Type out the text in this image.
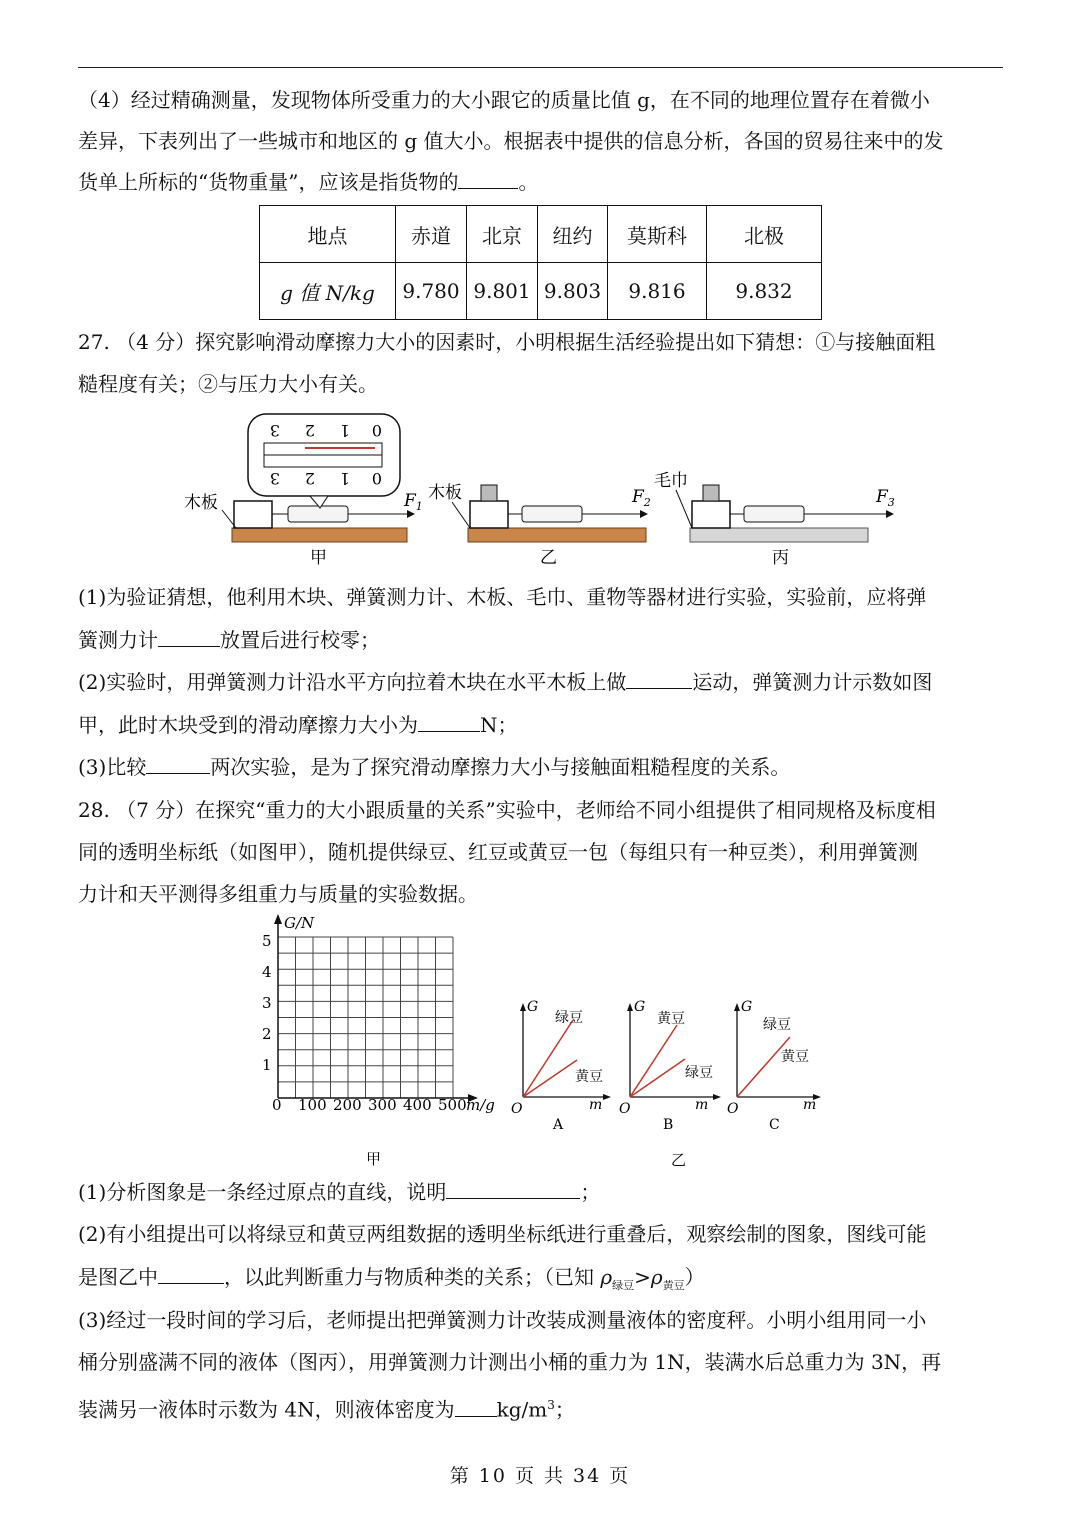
（4）经过精确测量，发现物体所受重力的大小跟它的质量比值 g，在不同的地理位置存在着微小
差异，下表列出了一些城市和地区的 g 值大小。根据表中提供的信息分析，各国的贸易往来中的发
货单上所标的“货物重量”，应该是指货物的	。
地点	赤道	北京	纽约	莫斯科	北极
g 值 N/kg	9.780	9.801	9.803	9.816	9.832
27. （4 分）探究影响滑动摩擦力大小的因素时，小明根据生活经验提出如下猜想：①与接触面粗
糙程度有关；②与压力大小有关。
3 2 1 0
3 2 1 0
木板	$F_1$
甲
木板	$F_2$
乙
毛巾
$F_3$
丙
(1)为验证猜想，他利用木块、弹簧测力计、木板、毛巾、重物等器材进行实验，实验前，应将弹
簧测力计	放置后进行校零；
(2)实验时，用弹簧测力计沿水平方向拉着木块在水平木板上做	运动，弹簧测力计示数如图
甲，此时木块受到的滑动摩擦力大小为	N；
(3)比较	两次实验，是为了探究滑动摩擦力大小与接触面粗糙程度的关系。
28. （7 分）在探究“重力的大小跟质量的关系”实验中，老师给不同小组提供了相同规格及标度相
同的透明坐标纸（如图甲），随机提供绿豆、红豆或黄豆一包（每组只有一种豆类），利用弹簧测
力计和天平测得多组重力与质量的实验数据。
G/N
5
4
3
2
1
0 100 200 300 400 500 m/g
甲
G
m
O
绿豆
黄豆
A
G
m
O
黄豆
绿豆
B
G
m
O
绿豆
黄豆
C
乙
(1)分析图象是一条经过原点的直线，说明	；
(2)有小组提出可以将绿豆和黄豆两组数据的透明坐标纸进行重叠后，观察绘制的图象，图线可能
是图乙中	，以此判断重力与物质种类的关系；（已知 $\rho_{绿豆}>\rho_{黄豆}$）
(3)经过一段时间的学习后，老师提出把弹簧测力计改装成测量液体的密度秤。小明小组用同一小
桶分别盛满不同的液体（图丙），用弹簧测力计测出小桶的重力为 1N，装满水后总重力为 3N，再
装满另一液体时示数为 4N，则液体密度为 $kg/m^3$；
第 10 页 共 34 页
